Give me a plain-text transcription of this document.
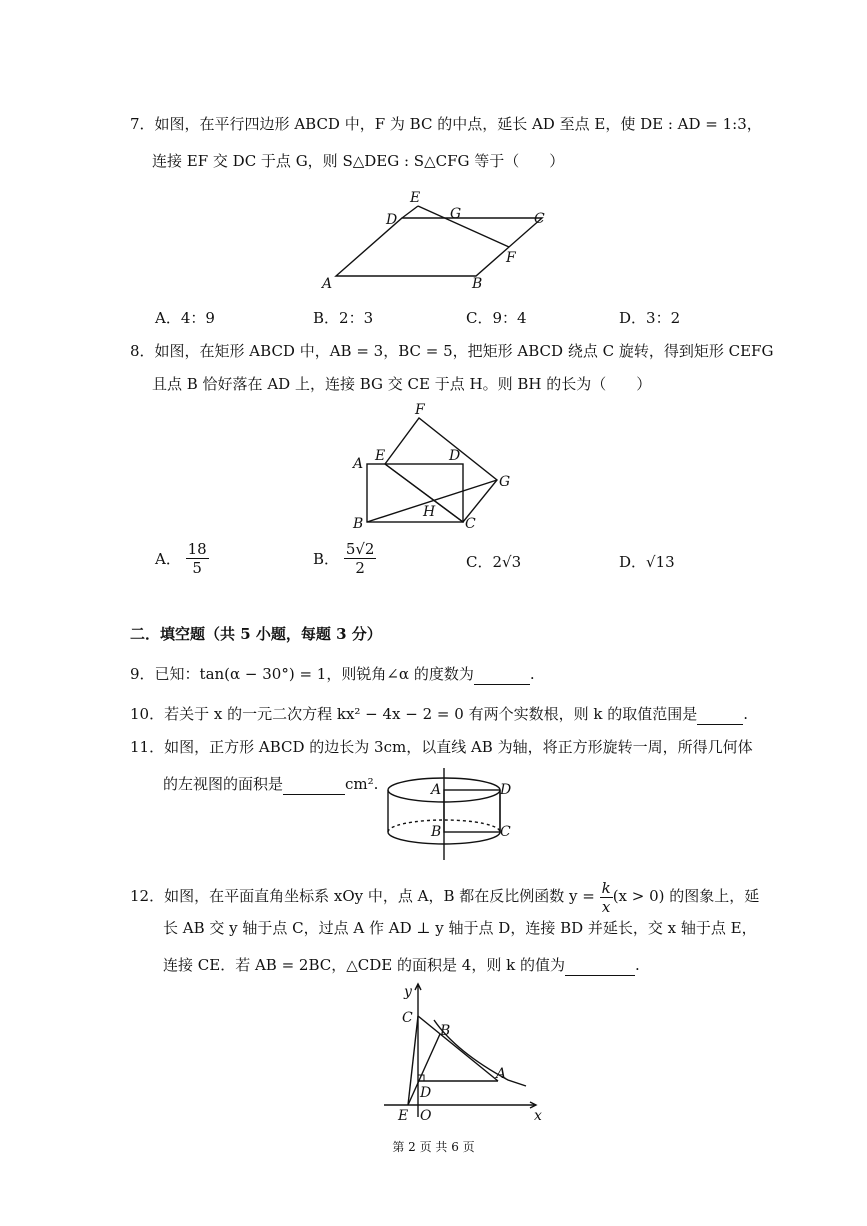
7．如图，在平行四边形 ABCD 中，F 为 BC 的中点，延长 AD 至点 E，使 DE : AD = 1:3，
连接 EF 交 DC 于点 G，则 S△DEG : S△CFG 等于（　　）
E
D	G	C
F
A	B
A．4：9	B．2：3	C．9：4	D．3：2
8．如图，在矩形 ABCD 中，AB = 3，BC = 5，把矩形 ABCD 绕点 C 旋转，得到矩形 CEFG
且点 B 恰好落在 AD 上，连接 BG 交 CE 于点 H。则 BH 的长为（　　）
F
A E	D
G
H
B	C
A． $\frac{18}{5}$	B． $\frac{5√2}{2}$	C．2√3	D．√13
二．填空题（共 5 小题，每题 3 分）
9．已知：tan(α − 30°) = 1，则锐角∠α 的度数为	.
10．若关于 x 的一元二次方程 kx² − 4x − 2 = 0 有两个实数根，则 k 的取值范围是	.
11．如图，正方形 ABCD 的边长为 3cm，以直线 AB 为轴，将正方形旋转一周，所得几何体
的左视图的面积是	cm².	A	D
B	C
12．如图，在平面直角坐标系 xOy 中，点 A，B 都在反比例函数 $y = \frac{k}{x} (x > 0)$ 的图象上，延
长 AB 交 y 轴于点 C，过点 A 作 AD ⊥ y 轴于点 D，连接 BD 并延长，交 x 轴于点 E，
连接 CE．若 AB = 2BC，△CDE 的面积是 4，则 k 的值为	.
y
C
B
A
D
E O	x
第 2 页 共 6 页
